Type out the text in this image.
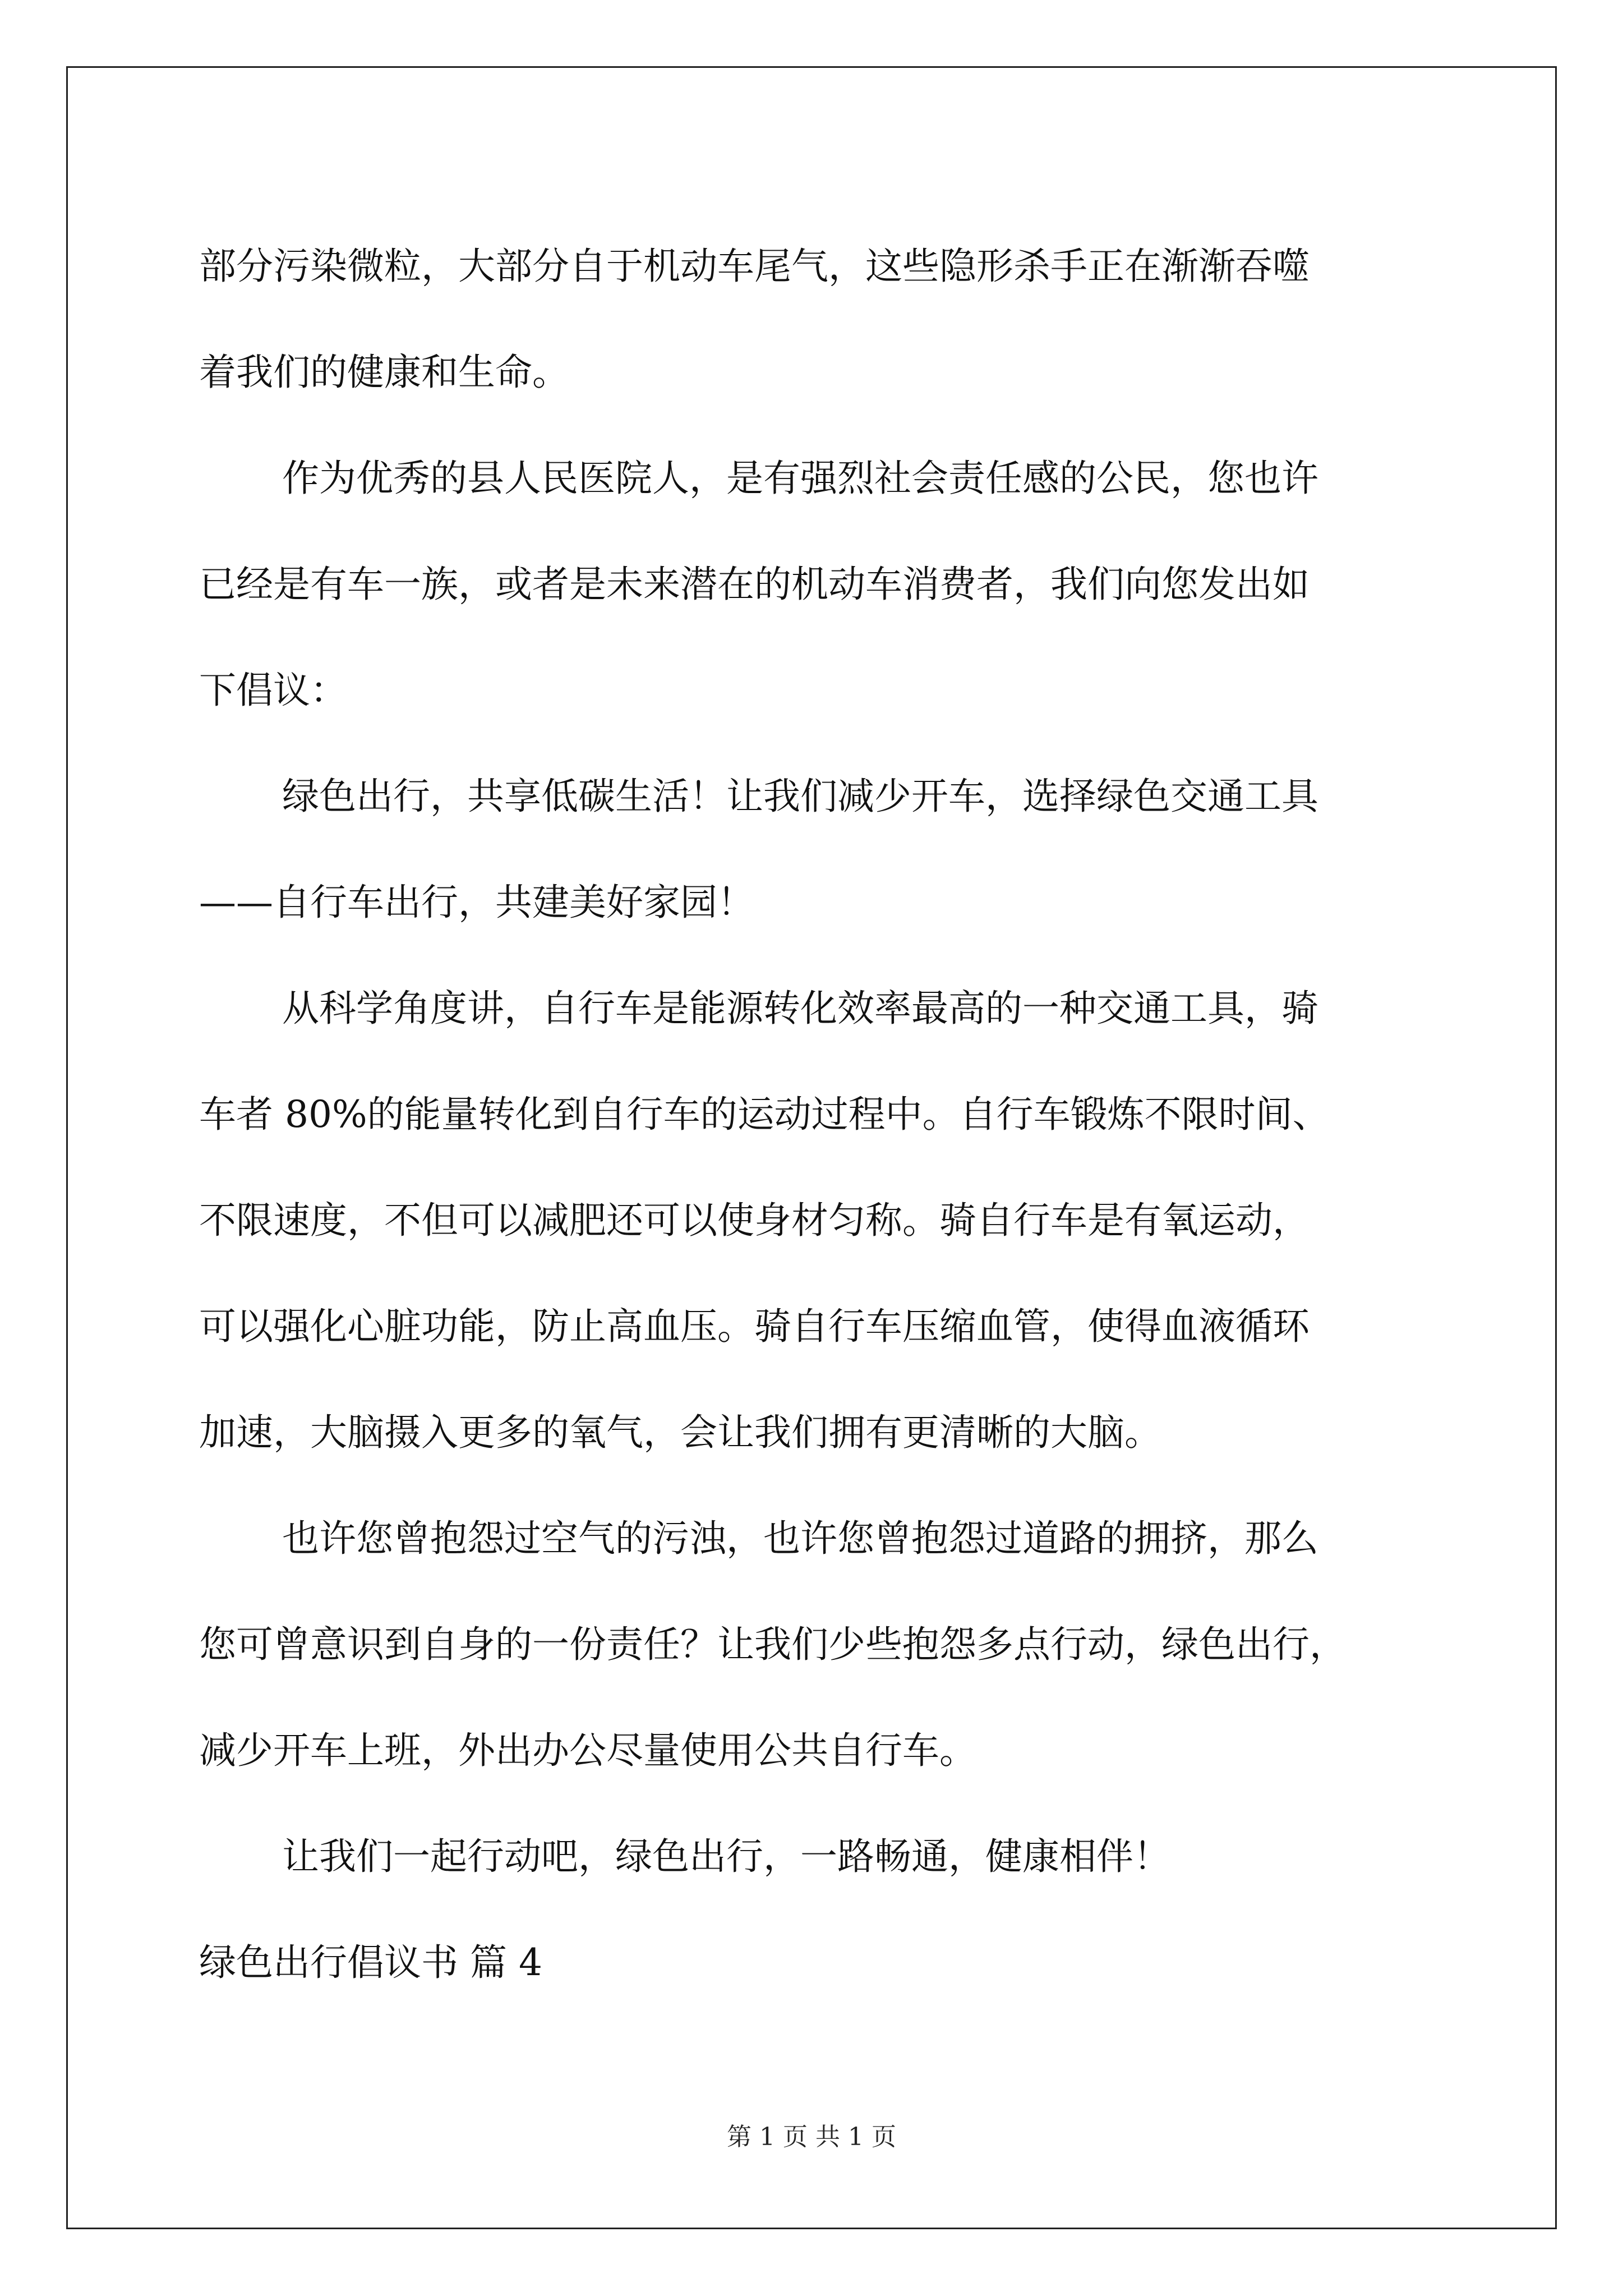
部分污染微粒，大部分自于机动车尾气，这些隐形杀手正在渐渐吞噬
着我们的健康和生命。
作为优秀的县人民医院人，是有强烈社会责任感的公民，您也许
已经是有车一族，或者是未来潜在的机动车消费者，我们向您发出如
下倡议：
绿色出行，共享低碳生活！让我们减少开车，选择绿色交通工具
——自行车出行，共建美好家园！
从科学角度讲，自行车是能源转化效率最高的一种交通工具，骑
车者 80%的能量转化到自行车的运动过程中。自行车锻炼不限时间、
不限速度，不但可以减肥还可以使身材匀称。骑自行车是有氧运动，
可以强化心脏功能，防止高血压。骑自行车压缩血管，使得血液循环
加速，大脑摄入更多的氧气，会让我们拥有更清晰的大脑。
也许您曾抱怨过空气的污浊，也许您曾抱怨过道路的拥挤，那么
您可曾意识到自身的一份责任？让我们少些抱怨多点行动，绿色出行，
减少开车上班，外出办公尽量使用公共自行车。
让我们一起行动吧，绿色出行，一路畅通，健康相伴！
绿色出行倡议书 篇 4
第 1 页 共 1 页
